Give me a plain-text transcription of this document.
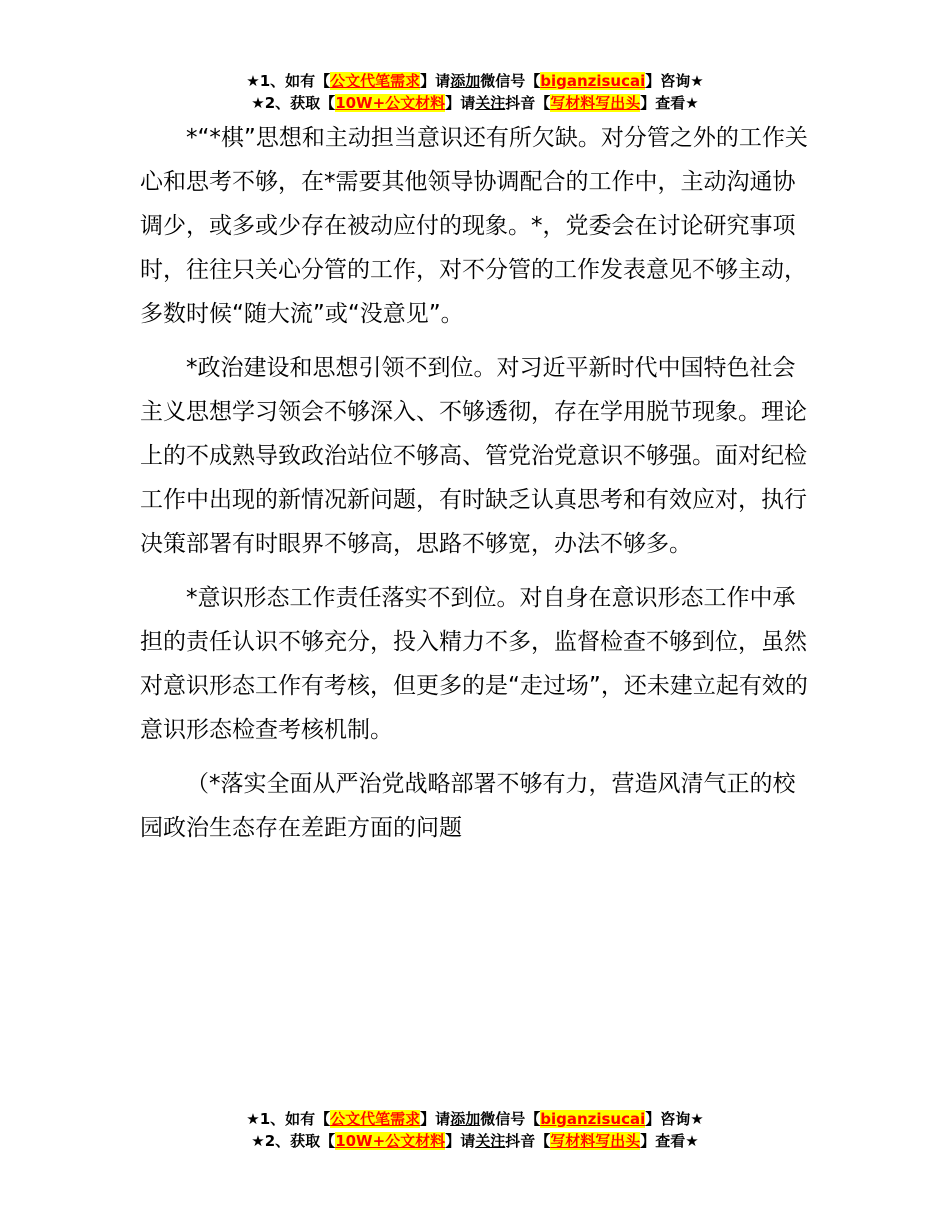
★1、如有【公文代笔需求】请添加微信号【biganzisucai】咨询★
★2、获取【10W+公文材料】请关注抖音【写材料写出头】查看★

*“*棋”思想和主动担当意识还有所欠缺。对分管之外的工作关心和思考不够，在*需要其他领导协调配合的工作中，主动沟通协调少，或多或少存在被动应付的现象。*，党委会在讨论研究事项时，往往只关心分管的工作，对不分管的工作发表意见不够主动，多数时候“随大流”或“没意见”。

*政治建设和思想引领不到位。对习近平新时代中国特色社会主义思想学习领会不够深入、不够透彻，存在学用脱节现象。理论上的不成熟导致政治站位不够高、管党治党意识不够强。面对纪检工作中出现的新情况新问题，有时缺乏认真思考和有效应对，执行决策部署有时眼界不够高，思路不够宽，办法不够多。

*意识形态工作责任落实不到位。对自身在意识形态工作中承担的责任认识不够充分，投入精力不多，监督检查不够到位，虽然对意识形态工作有考核，但更多的是“走过场”，还未建立起有效的意识形态检查考核机制。

（*落实全面从严治党战略部署不够有力，营造风清气正的校园政治生态存在差距方面的问题

★1、如有【公文代笔需求】请添加微信号【biganzisucai】咨询★
★2、获取【10W+公文材料】请关注抖音【写材料写出头】查看★
